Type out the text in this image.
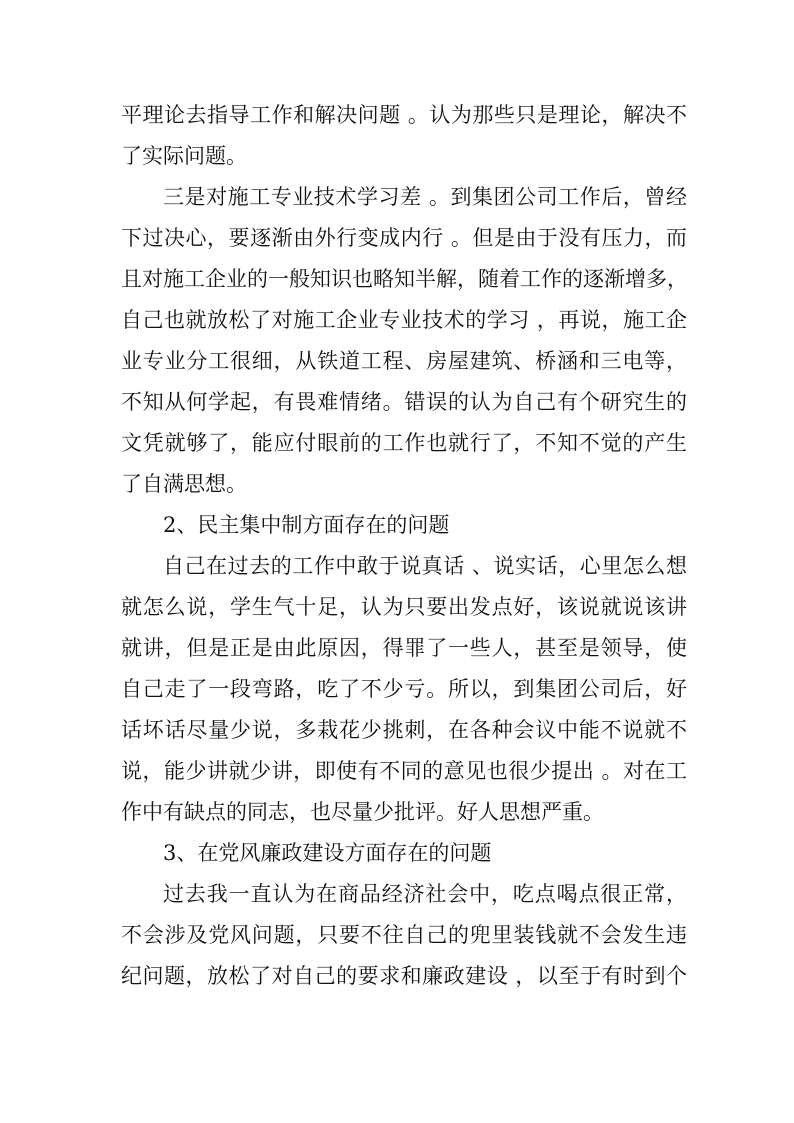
平理论去指导工作和解决问题 。认为那些只是理论，解决不
了实际问题。
三是对施工专业技术学习差 。到集团公司工作后，曾经
下过决心，要逐渐由外行变成内行 。但是由于没有压力，而
且对施工企业的一般知识也略知半解，随着工作的逐渐增多，
自己也就放松了对施工企业专业技术的学习 ，再说，施工企
业专业分工很细，从铁道工程、房屋建筑、桥涵和三电等，
不知从何学起，有畏难情绪。错误的认为自己有个研究生的
文凭就够了，能应付眼前的工作也就行了，不知不觉的产生
了自满思想。
2、民主集中制方面存在的问题
自己在过去的工作中敢于说真话 、说实话，心里怎么想
就怎么说，学生气十足，认为只要出发点好，该说就说该讲
就讲，但是正是由此原因，得罪了一些人，甚至是领导，使
自己走了一段弯路，吃了不少亏。所以，到集团公司后，好
话坏话尽量少说，多栽花少挑刺，在各种会议中能不说就不
说，能少讲就少讲，即使有不同的意见也很少提出 。对在工
作中有缺点的同志，也尽量少批评。好人思想严重。
3、在党风廉政建设方面存在的问题
过去我一直认为在商品经济社会中，吃点喝点很正常，
不会涉及党风问题，只要不往自己的兜里装钱就不会发生违
纪问题，放松了对自己的要求和廉政建设 ，以至于有时到个
